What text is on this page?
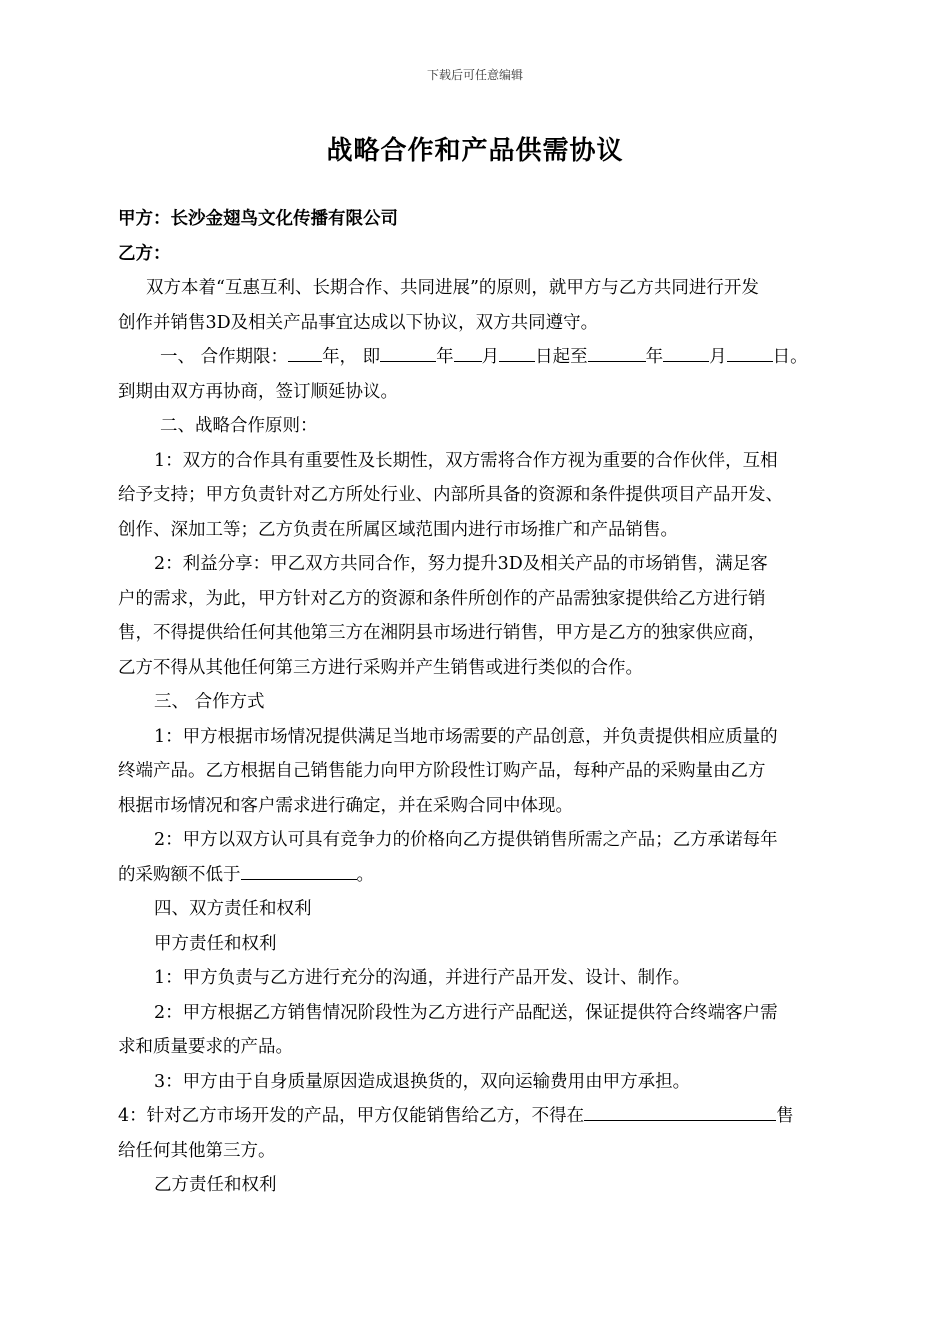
下载后可任意编辑
战略合作和产品供需协议
甲方：长沙金翅鸟文化传播有限公司
乙方：
双方本着“互惠互利、长期合作、共同进展”的原则，就甲方与乙方共同进行开发
创作并销售3D及相关产品事宜达成以下协议，双方共同遵守。
一、 合作期限： 年， 即	年 月 日起至	年	月	日。
到期由双方再协商，签订顺延协议。
二、战略合作原则：
1：双方的合作具有重要性及长期性，双方需将合作方视为重要的合作伙伴，互相
给予支持；甲方负责针对乙方所处行业、内部所具备的资源和条件提供项目产品开发、
创作、深加工等；乙方负责在所属区域范围内进行市场推广和产品销售。
2：利益分享：甲乙双方共同合作，努力提升3D及相关产品的市场销售，满足客
户的需求，为此，甲方针对乙方的资源和条件所创作的产品需独家提供给乙方进行销
售，不得提供给任何其他第三方在湘阴县市场进行销售，甲方是乙方的独家供应商，
乙方不得从其他任何第三方进行采购并产生销售或进行类似的合作。
三、 合作方式
1：甲方根据市场情况提供满足当地市场需要的产品创意，并负责提供相应质量的
终端产品。乙方根据自己销售能力向甲方阶段性订购产品，每种产品的采购量由乙方
根据市场情况和客户需求进行确定，并在采购合同中体现。
2：甲方以双方认可具有竞争力的价格向乙方提供销售所需之产品；乙方承诺每年
的采购额不低于	。
四、双方责任和权利
甲方责任和权利
1：甲方负责与乙方进行充分的沟通，并进行产品开发、设计、制作。
2：甲方根据乙方销售情况阶段性为乙方进行产品配送，保证提供符合终端客户需
求和质量要求的产品。
3：甲方由于自身质量原因造成退换货的，双向运输费用由甲方承担。
4：针对乙方市场开发的产品，甲方仅能销售给乙方，不得在	售
给任何其他第三方。
乙方责任和权利
